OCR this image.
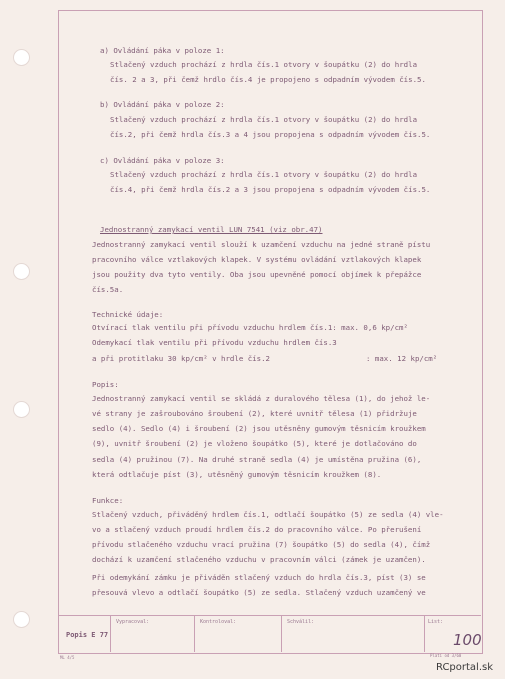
a) Ovládání páka v poloze 1:
Stlačený vzduch prochází z hrdla čís.1 otvory v šoupátku (2) do hrdla
čís. 2 a 3, při čemž hrdlo čís.4 je propojeno s odpadním vývodem čís.5.
b) Ovládání páka v poloze 2:
Stlačený vzduch prochází z hrdla čís.1 otvory v šoupátku (2) do hrdla
čís.2, při čemž hrdla čís.3 a 4 jsou propojena s odpadním vývodem čís.5.
c) Ovládání páka v poloze 3:
Stlačený vzduch prochází z hrdla čís.1 otvory v šoupátku (2) do hrdla
čís.4, při čemž hrdla čís.2 a 3 jsou propojena s odpadním vývodem čís.5.
Jednostranný zamykací ventil LUN 7541 (viz obr.47)
Jednostranný zamykací ventil slouží k uzamčení vzduchu na jedné straně pístu
pracovního válce vztlakových klapek. V systému ovládání vztlakových klapek
jsou použity dva tyto ventily. Oba jsou upevněné pomocí objímek k přepážce
čís.5a.
Technické údaje:
Otvírací tlak ventilu při přívodu vzduchu hrdlem čís.1: max. 0,6 kp/cm²
Odemykací tlak ventilu při přívodu vzduchu hrdlem čís.3
a při protitlaku 30 kp/cm² v hrdle čís.2	: max. 12 kp/cm²
Popis:
Jednostranný zamykací ventil se skládá z duralového tělesa (1), do jehož le-
vé strany je zašroubováno šroubení (2), které uvnitř tělesa (1) přidržuje
sedlo (4). Sedlo (4) i šroubení (2) jsou utěsněny gumovým těsnicím kroužkem
(9), uvnitř šroubení (2) je vloženo šoupátko (5), které je dotlačováno do
sedla (4) pružinou (7). Na druhé straně sedla (4) je umístěna pružina (6),
která odtlačuje píst (3), utěsněný gumovým těsnicím kroužkem (8).
Funkce:
Stlačený vzduch, přiváděný hrdlem čís.1, odtlačí šoupátko (5) ze sedla (4) vle-
vo a stlačený vzduch proudí hrdlem čís.2 do pracovního válce. Po přerušení
přívodu stlačeného vzduchu vrací pružina (7) šoupátko (5) do sedla (4), čímž
dochází k uzamčení stlačeného vzduchu v pracovním válci (zámek je uzamčen).
Při odemykání zámku je přiváděn stlačený vzduch do hrdla čís.3, píst (3) se
přesouvá vlevo a odtlačí šoupátko (5) ze sedla. Stlačený vzduch uzamčený ve
Popis E 77
Vypracoval:	Kontroloval:	Schválil:	List:
100
ML 4/5	Platí od 3/60
RCportal.sk
